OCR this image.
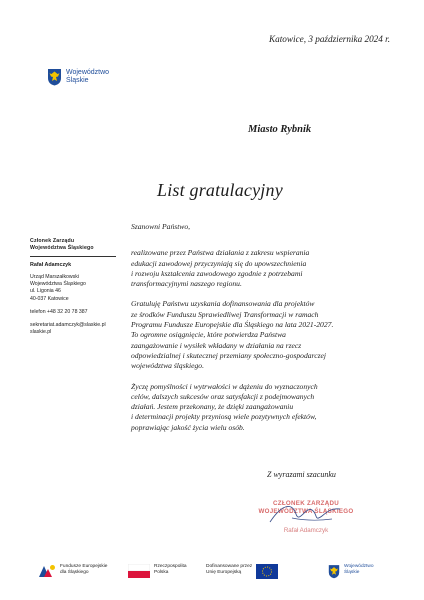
Katowice, 3 października 2024 r.
Województwo
Śląskie
Miasto Rybnik
List gratulacyjny
Członek Zarządu
Województwa Śląskiego
Rafał Adamczyk
Urząd Marszałkowski
Województwa Śląskiego
ul. Ligonia 46
40-037 Katowice
telefon +48 32 20 78 387
sekretariat.adamczyk@slaskie.pl
slaskie.pl

Szanowni Państwo,

realizowane przez Państwa działania z zakresu wspierania

edukacji zawodowej przyczyniają się do upowszechnienia

i rozwoju kształcenia zawodowego zgodnie z potrzebami

transformacyjnymi naszego regionu.

Gratuluję Państwu uzyskania dofinansowania dla projektów

ze środków Funduszu Sprawiedliwej Transformacji w ramach

Programu Fundusze Europejskie dla Śląskiego na lata 2021-2027.

To ogromne osiągnięcie, które potwierdza Państwa

zaangażowanie i wysiłek wkładany w działania na rzecz

odpowiedzialnej i skutecznej przemiany społeczno-gospodarczej

województwa śląskiego.

Życzę pomyślności i wytrwałości w dążeniu do wyznaczonych

celów, dalszych sukcesów oraz satysfakcji z podejmowanych

działań. Jestem przekonany, że dzięki zaangażowaniu

i determinacji projekty przyniosą wiele pozytywnych efektów,

poprawiając jakość życia wielu osób.

Z wyrazami szacunku
CZŁONEK ZARZĄDU
WOJEWÓDZTWA ŚLĄSKIEGO
Rafał Adamczyk
Fundusze Europejskie
dla Śląskiego
Rzeczpospolita
Polska
Dofinansowane przez
Unię Europejską
Województwo
Śląskie
